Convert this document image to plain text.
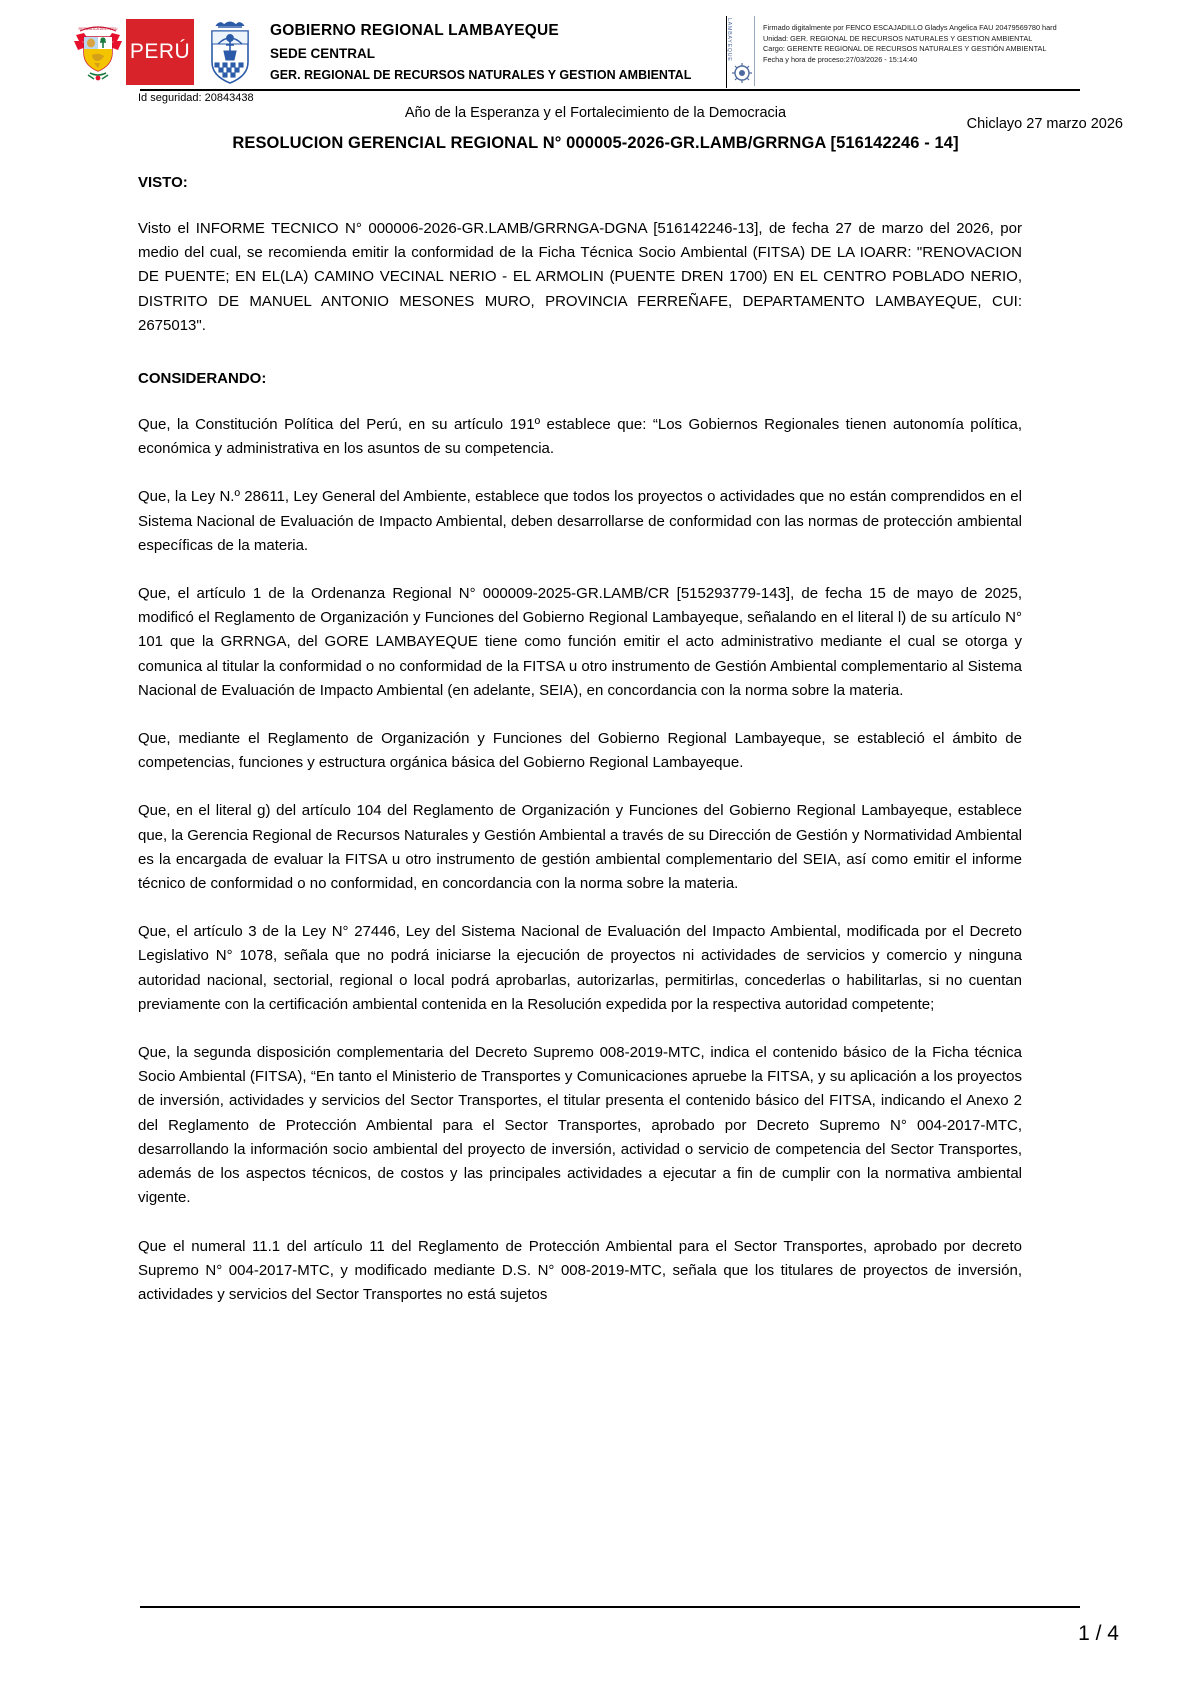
REPUBLICA DEL PERU
PERÚ
GOBIERNO REGIONAL LAMBAYEQUE
SEDE CENTRAL
GER. REGIONAL DE RECURSOS NATURALES Y GESTION AMBIENTAL
LAMBAYEQUE	Firmado digitalmente por FENCO ESCAJADILLO Gladys Angelica FAU 20479569780 hard
Unidad: GER. REGIONAL DE RECURSOS NATURALES Y GESTION AMBIENTAL
Cargo: GERENTE REGIONAL DE RECURSOS NATURALES Y GESTIÓN AMBIENTAL
Fecha y hora de proceso:27/03/2026 - 15:14:40
Id seguridad: 20843438
Año de la Esperanza y el Fortalecimiento de la Democracia
Chiclayo 27 marzo 2026
RESOLUCION GERENCIAL REGIONAL N° 000005-2026-GR.LAMB/GRRNGA [516142246 - 14]
VISTO:

Visto el INFORME TECNICO N° 000006-2026-GR.LAMB/GRRNGA-DGNA [516142246-13], de fecha 27 de marzo del 2026, por medio del cual, se recomienda emitir la conformidad de la Ficha Técnica Socio Ambiental (FITSA) DE LA IOARR: "RENOVACION DE PUENTE; EN EL(LA) CAMINO VECINAL NERIO - EL ARMOLIN (PUENTE DREN 1700) EN EL CENTRO POBLADO NERIO, DISTRITO DE MANUEL ANTONIO MESONES MURO, PROVINCIA FERREÑAFE, DEPARTAMENTO LAMBAYEQUE, CUI: 2675013".

CONSIDERANDO:

Que, la Constitución Política del Perú, en su artículo 191º establece que: “Los Gobiernos Regionales tienen autonomía política, económica y administrativa en los asuntos de su competencia.

Que, la Ley N.º 28611, Ley General del Ambiente, establece que todos los proyectos o actividades que no están comprendidos en el Sistema Nacional de Evaluación de Impacto Ambiental, deben desarrollarse de conformidad con las normas de protección ambiental específicas de la materia.

Que, el artículo 1 de la Ordenanza Regional N° 000009-2025-GR.LAMB/CR [515293779-143], de fecha 15 de mayo de 2025, modificó el Reglamento de Organización y Funciones del Gobierno Regional Lambayeque, señalando en el literal l) de su artículo N° 101 que la GRRNGA, del GORE LAMBAYEQUE tiene como función emitir el acto administrativo mediante el cual se otorga y comunica al titular la conformidad o no conformidad de la FITSA u otro instrumento de Gestión Ambiental complementario al Sistema Nacional de Evaluación de Impacto Ambiental (en adelante, SEIA), en concordancia con la norma sobre la materia.

Que, mediante el Reglamento de Organización y Funciones del Gobierno Regional Lambayeque, se estableció el ámbito de competencias, funciones y estructura orgánica básica del Gobierno Regional Lambayeque.

Que, en el literal g) del artículo 104 del Reglamento de Organización y Funciones del Gobierno Regional Lambayeque, establece que, la Gerencia Regional de Recursos Naturales y Gestión Ambiental a través de su Dirección de Gestión y Normatividad Ambiental es la encargada de evaluar la FITSA u otro instrumento de gestión ambiental complementario del SEIA, así como emitir el informe técnico de conformidad o no conformidad, en concordancia con la norma sobre la materia.

Que, el artículo 3 de la Ley N° 27446, Ley del Sistema Nacional de Evaluación del Impacto Ambiental, modificada por el Decreto Legislativo N° 1078, señala que no podrá iniciarse la ejecución de proyectos ni actividades de servicios y comercio y ninguna autoridad nacional, sectorial, regional o local podrá aprobarlas, autorizarlas, permitirlas, concederlas o habilitarlas, si no cuentan previamente con la certificación ambiental contenida en la Resolución expedida por la respectiva autoridad competente;

Que, la segunda disposición complementaria del Decreto Supremo 008-2019-MTC, indica el contenido básico de la Ficha técnica Socio Ambiental (FITSA), “En tanto el Ministerio de Transportes y Comunicaciones apruebe la FITSA, y su aplicación a los proyectos de inversión, actividades y servicios del Sector Transportes, el titular presenta el contenido básico del FITSA, indicando el Anexo 2 del Reglamento de Protección Ambiental para el Sector Transportes, aprobado por Decreto Supremo N° 004-2017-MTC, desarrollando la información socio ambiental del proyecto de inversión, actividad o servicio de competencia del Sector Transportes, además de los aspectos técnicos, de costos y las principales actividades a ejecutar a fin de cumplir con la normativa ambiental vigente.

Que el numeral 11.1 del artículo 11 del Reglamento de Protección Ambiental para el Sector Transportes, aprobado por decreto Supremo N° 004-2017-MTC, y modificado mediante D.S. N° 008-2019-MTC, señala que los titulares de proyectos de inversión, actividades y servicios del Sector Transportes no está sujetos

1 / 4
